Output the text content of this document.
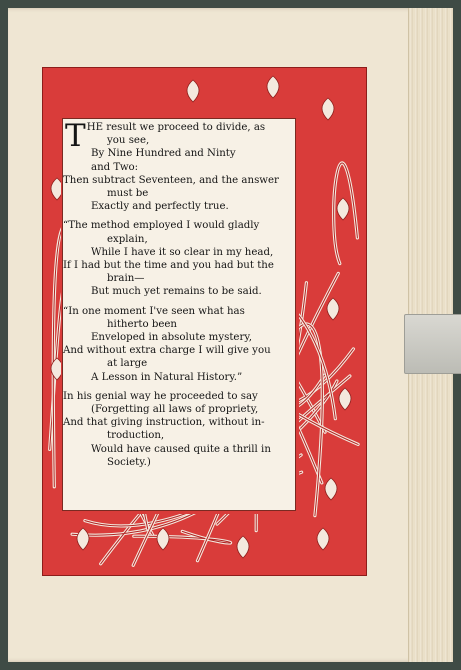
THE result we proceed to divide, as
you see,
By Nine Hundred and Ninty
and Two:
Then subtract Seventeen, and the answer
must be
Exactly and perfectly true.
“The method employed I would gladly
explain,
While I have it so clear in my head,
If I had but the time and you had but the
brain—
But much yet remains to be said.
“In one moment I've seen what has
hitherto been
Enveloped in absolute mystery,
And without extra charge I will give you
at large
A Lesson in Natural History.”
In his genial way he proceeded to say
(Forgetting all laws of propriety,
And that giving instruction, without in-
troduction,
Would have caused quite a thrill in
Society.)
